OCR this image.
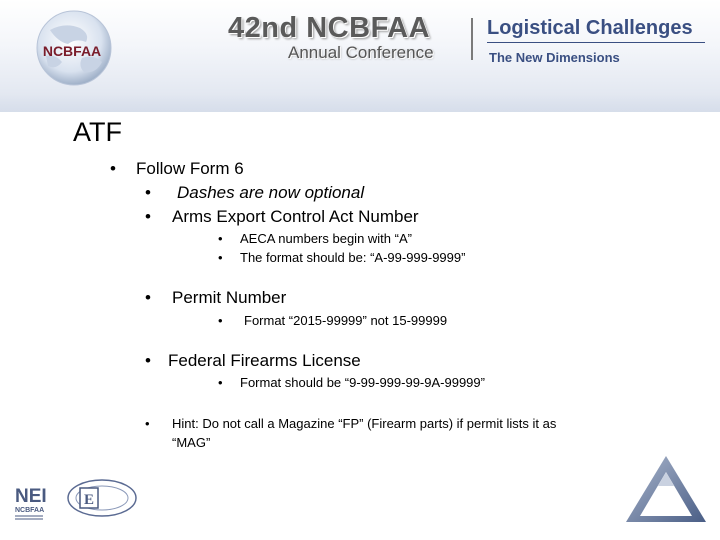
NCBFAA
42nd NCBFAA
Annual Conference
Logistical Challenges
The New Dimensions
ATF
• Follow Form 6
• Dashes are now optional
• Arms Export Control Act Number
• AECA numbers begin with “A”
• The format should be: “A-99-999-9999”
• Permit Number
• Format “2015-99999” not 15-99999
• Federal Firearms License
• Format should be “9-99-999-99-9A-99999”
• Hint: Do not call a Magazine “FP” (Firearm parts) if permit lists it as
“MAG”
NEI
NCBFAA
E
